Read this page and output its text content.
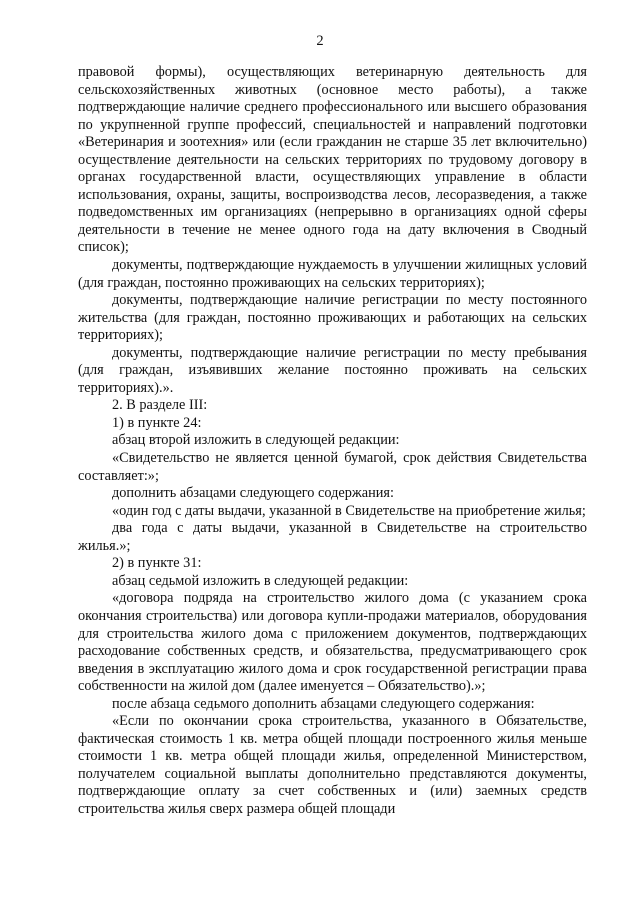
2

правовой формы), осуществляющих ветеринарную деятельность для сельскохозяйственных животных (основное место работы), а также подтверждающие наличие среднего профессионального или высшего образования по укрупненной группе профессий, специальностей и направлений подготовки «Ветеринария и зоотехния» или (если гражданин не старше 35 лет включительно) осуществление деятельности на сельских территориях по трудовому договору в органах государственной власти, осуществляющих управление в области использования, охраны, защиты, воспроизводства лесов, лесоразведения, а также подведомственных им организациях (непрерывно в организациях одной сферы деятельности в течение не менее одного года на дату включения в Сводный список);

документы, подтверждающие нуждаемость в улучшении жилищных условий (для граждан, постоянно проживающих на сельских территориях);

документы, подтверждающие наличие регистрации по месту постоянного жительства (для граждан, постоянно проживающих и работающих на сельских территориях);

документы, подтверждающие наличие регистрации по месту пребывания (для граждан, изъявивших желание постоянно проживать на сельских территориях).».

2. В разделе III:

1) в пункте 24:

абзац второй изложить в следующей редакции:

«Свидетельство не является ценной бумагой, срок действия Свидетельства составляет:»;

дополнить абзацами следующего содержания:

«один год с даты выдачи, указанной в Свидетельстве на приобретение жилья;

два года с даты выдачи, указанной в Свидетельстве на строительство жилья.»;

2) в пункте 31:

абзац седьмой изложить в следующей редакции:

«договора подряда на строительство жилого дома (с указанием срока окончания строительства) или договора купли-продажи материалов, оборудования для строительства жилого дома с приложением документов, подтверждающих расходование собственных средств, и обязательства, предусматривающего срок введения в эксплуатацию жилого дома и срок государственной регистрации права собственности на жилой дом (далее именуется – Обязательство).»;

после абзаца седьмого дополнить абзацами следующего содержания:

«Если по окончании срока строительства, указанного в Обязательстве, фактическая стоимость 1 кв. метра общей площади построенного жилья меньше стоимости 1 кв. метра общей площади жилья, определенной Министерством, получателем социальной выплаты дополнительно представляются документы, подтверждающие оплату за счет собственных и (или) заемных средств строительства жилья сверх размера общей площади
